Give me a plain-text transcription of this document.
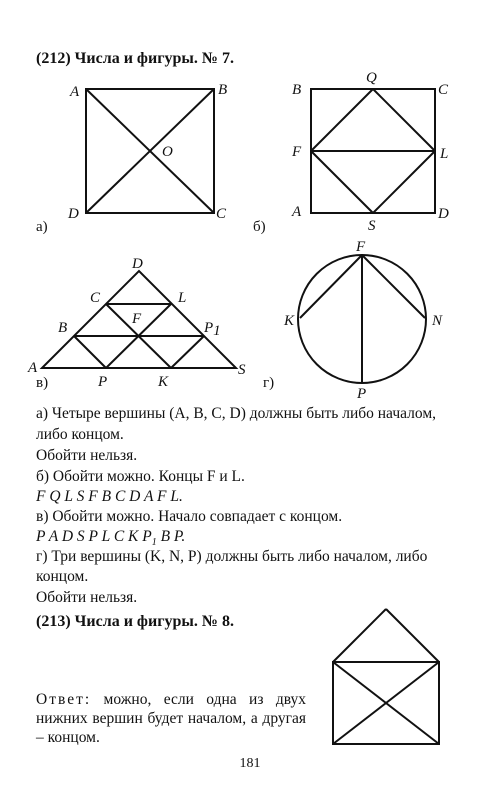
(212) Числа и фигуры. № 7.
A	B
O
D	C
а)
B
Q
C
F	L
A
S
D
б)
D
C	L
B
F
P1
A
P	K
S
в)
F
K	N
P
г)
а) Четыре вершины (A, B, C, D) должны быть либо началом,
либо концом.
Обойти нельзя.
б) Обойти можно. Концы F и L.
F Q L S F B C D A F L.
в) Обойти можно. Начало совпадает с концом.
P A D S P L C K $P_1$ B P.
г) Три вершины (K, N, P) должны быть либо началом, либо
концом.
Обойти нельзя.
(213) Числа и фигуры. № 8.
Ответ: можно, если одна из двух нижних вершин будет началом, а другая – концом.
181
